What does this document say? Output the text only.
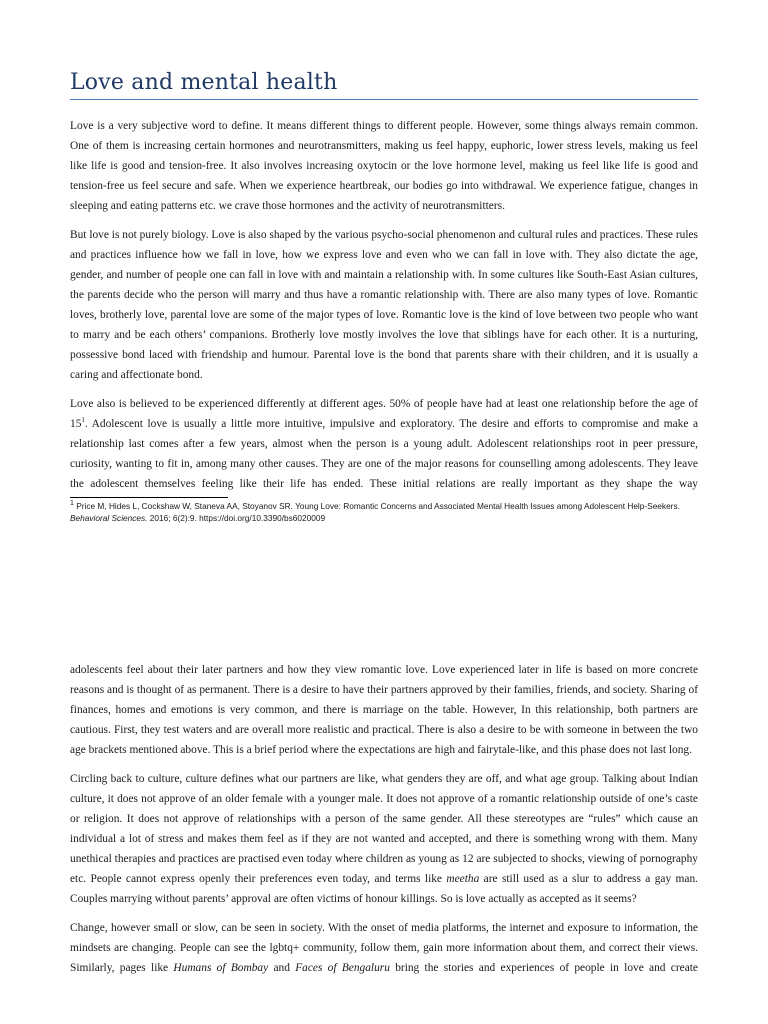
Love and mental health

Love is a very subjective word to define. It means different things to different people. However, some things always remain common. One of them is increasing certain hormones and neurotransmitters, making us feel happy, euphoric, lower stress levels, making us feel like life is good and tension-free. It also involves increasing oxytocin or the love hormone level, making us feel like life is good and tension-free us feel secure and safe. When we experience heartbreak, our bodies go into withdrawal. We experience fatigue, changes in sleeping and eating patterns etc. we crave those hormones and the activity of neurotransmitters.

But love is not purely biology. Love is also shaped by the various psycho-social phenomenon and cultural rules and practices. These rules and practices influence how we fall in love, how we express love and even who we can fall in love with. They also dictate the age, gender, and number of people one can fall in love with and maintain a relationship with. In some cultures like South-East Asian cultures, the parents decide who the person will marry and thus have a romantic relationship with. There are also many types of love. Romantic loves, brotherly love, parental love are some of the major types of love. Romantic love is the kind of love between two people who want to marry and be each others’ companions. Brotherly love mostly involves the love that siblings have for each other. It is a nurturing, possessive bond laced with friendship and humour. Parental love is the bond that parents share with their children, and it is usually a caring and affectionate bond.

Love also is believed to be experienced differently at different ages. 50% of people have had at least one relationship before the age of $15^1$. Adolescent love is usually a little more intuitive, impulsive and exploratory. The desire and efforts to compromise and make a relationship last comes after a few years, almost when the person is a young adult. Adolescent relationships root in peer pressure, curiosity, wanting to fit in, among many other causes. They are one of the major reasons for counselling among adolescents. They leave the adolescent themselves feeling like their life has ended. These initial relations are really important as they shape the way

$^1$ Price M, Hides L, Cockshaw W, Staneva AA, Stoyanov SR. Young Love: Romantic Concerns and Associated Mental Health Issues among Adolescent Help-Seekers. Behavioral Sciences. 2016; 6(2):9. https://doi.org/10.3390/bs6020009

adolescents feel about their later partners and how they view romantic love. Love experienced later in life is based on more concrete reasons and is thought of as permanent. There is a desire to have their partners approved by their families, friends, and society. Sharing of finances, homes and emotions is very common, and there is marriage on the table. However, In this relationship, both partners are cautious. First, they test waters and are overall more realistic and practical. There is also a desire to be with someone in between the two age brackets mentioned above. This is a brief period where the expectations are high and fairytale-like, and this phase does not last long.

Circling back to culture, culture defines what our partners are like, what genders they are off, and what age group. Talking about Indian culture, it does not approve of an older female with a younger male. It does not approve of a romantic relationship outside of one’s caste or religion. It does not approve of relationships with a person of the same gender. All these stereotypes are “rules” which cause an individual a lot of stress and makes them feel as if they are not wanted and accepted, and there is something wrong with them. Many unethical therapies and practices are practised even today where children as young as 12 are subjected to shocks, viewing of pornography etc. People cannot express openly their preferences even today, and terms like meetha are still used as a slur to address a gay man. Couples marrying without parents’ approval are often victims of honour killings. So is love actually as accepted as it seems?

Change, however small or slow, can be seen in society. With the onset of media platforms, the internet and exposure to information, the mindsets are changing. People can see the lgbtq+ community, follow them, gain more information about them, and correct their views. Similarly, pages like Humans of Bombay and Faces of Bengaluru bring the stories and experiences of people in love and create
